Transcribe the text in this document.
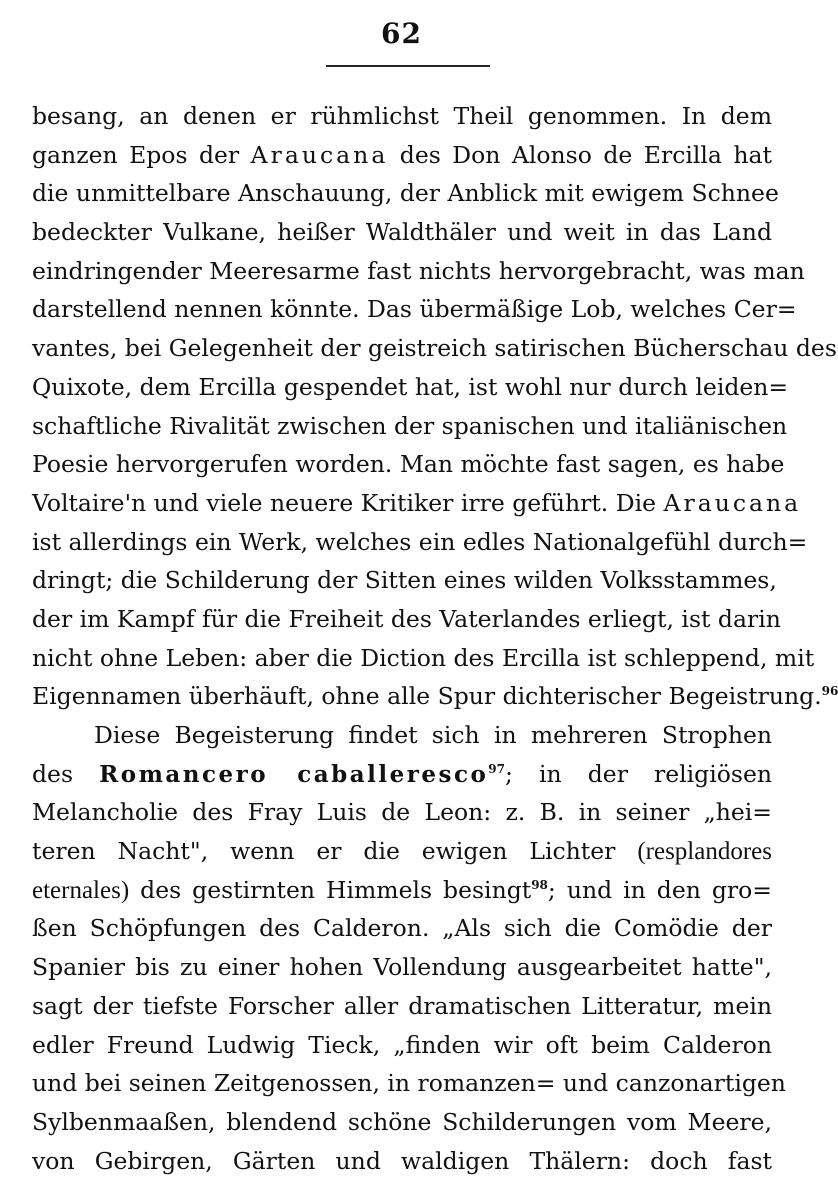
62
besang, an denen er rühmlichst Theil genommen. In dem
ganzen Epos der Araucana des Don Alonso de Ercilla hat
die unmittelbare Anschauung, der Anblick mit ewigem Schnee
bedeckter Vulkane, heißer Waldthäler und weit in das Land
eindringender Meeresarme fast nichts hervorgebracht, was man
darstellend nennen könnte. Das übermäßige Lob, welches Cer=
vantes, bei Gelegenheit der geistreich satirischen Bücherschau des
Quixote, dem Ercilla gespendet hat, ist wohl nur durch leiden=
schaftliche Rivalität zwischen der spanischen und italiänischen
Poesie hervorgerufen worden. Man möchte fast sagen, es habe
Voltaire'n und viele neuere Kritiker irre geführt. Die Araucana
ist allerdings ein Werk, welches ein edles Nationalgefühl durch=
dringt; die Schilderung der Sitten eines wilden Volksstammes,
der im Kampf für die Freiheit des Vaterlandes erliegt, ist darin
nicht ohne Leben: aber die Diction des Ercilla ist schleppend, mit
Eigennamen überhäuft, ohne alle Spur dichterischer Begeistrung.$^{96}$
Diese Begeisterung findet sich in mehreren Strophen
des Romancero caballeresco$^{97}$; in der religiösen
Melancholie des Fray Luis de Leon: z. B. in seiner „hei=
teren Nacht", wenn er die ewigen Lichter (resplandores
eternales) des gestirnten Himmels besingt$^{98}$; und in den gro=
ßen Schöpfungen des Calderon. „Als sich die Comödie der
Spanier bis zu einer hohen Vollendung ausgearbeitet hatte",
sagt der tiefste Forscher aller dramatischen Litteratur, mein
edler Freund Ludwig Tieck, „finden wir oft beim Calderon
und bei seinen Zeitgenossen, in romanzen= und canzonartigen
Sylbenmaaßen, blendend schöne Schilderungen vom Meere,
von Gebirgen, Gärten und waldigen Thälern: doch fast
